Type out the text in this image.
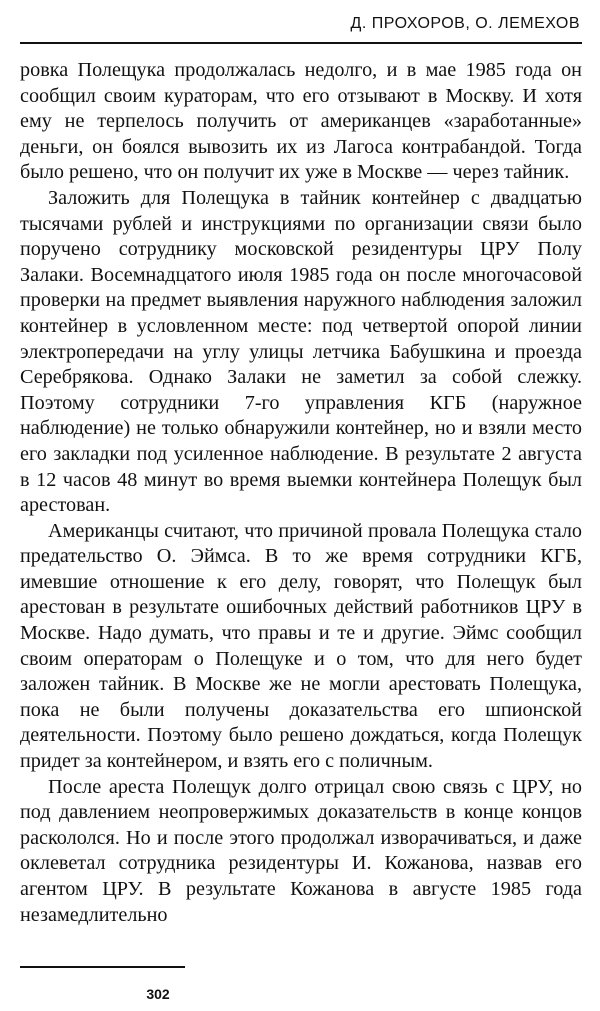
Д. ПРОХОРОВ, О. ЛЕМЕХОВ

ровка Полещука продолжалась недолго, и в мае 1985 года он сообщил своим кураторам, что его отзывают в Москву. И хотя ему не терпелось получить от американцев «заработанные» деньги, он боялся вывозить их из Лагоса контрабандой. Тогда было решено, что он получит их уже в Москве — через тайник.

Заложить для Полещука в тайник контейнер с двадцатью тысячами рублей и инструкциями по организации связи было поручено сотруднику московской резидентуры ЦРУ Полу Залаки. Восемнадцатого июля 1985 года он после многочасовой проверки на предмет выявления наружного наблюдения заложил контейнер в условленном месте: под четвертой опорой линии электропередачи на углу улицы летчика Бабушкина и проезда Серебрякова. Однако Залаки не заметил за собой слежку. Поэтому сотрудники 7-го управления КГБ (наружное наблюдение) не только обнаружили контейнер, но и взяли место его закладки под усиленное наблюдение. В результате 2 августа в 12 часов 48 минут во время выемки контейнера Полещук был арестован.

Американцы считают, что причиной провала Полещука стало предательство О. Эймса. В то же время сотрудники КГБ, имевшие отношение к его делу, говорят, что Полещук был арестован в результате ошибочных действий работников ЦРУ в Москве. Надо думать, что правы и те и другие. Эймс сообщил своим операторам о Полещуке и о том, что для него будет заложен тайник. В Москве же не могли арестовать Полещука, пока не были получены доказательства его шпионской деятельности. Поэтому было решено дождаться, когда Полещук придет за контейнером, и взять его с поличным.

После ареста Полещук долго отрицал свою связь с ЦРУ, но под давлением неопровержимых доказательств в конце концов раскололся. Но и после этого продолжал изворачиваться, и даже оклеветал сотрудника резидентуры И. Кожанова, назвав его агентом ЦРУ. В результате Кожанова в августе 1985 года незамедлительно

302
